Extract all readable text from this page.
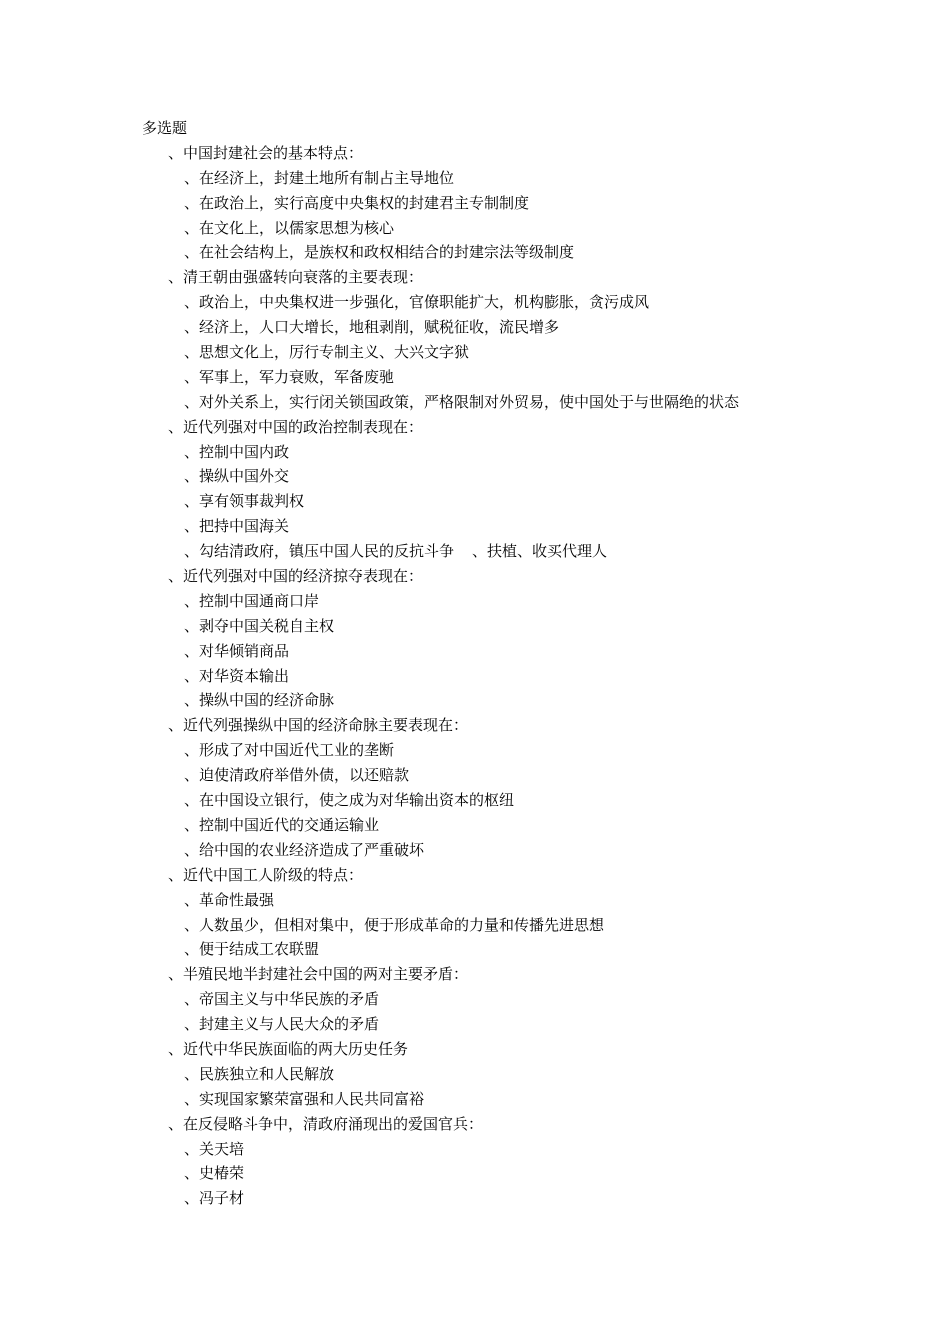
多选题
、中国封建社会的基本特点：
、在经济上，封建土地所有制占主导地位
、在政治上，实行高度中央集权的封建君主专制制度
、在文化上，以儒家思想为核心
、在社会结构上，是族权和政权相结合的封建宗法等级制度
、清王朝由强盛转向衰落的主要表现：
、政治上，中央集权进一步强化，官僚职能扩大，机构膨胀，贪污成风
、经济上，人口大增长，地租剥削，赋税征收，流民增多
、思想文化上，厉行专制主义、大兴文字狱
、军事上，军力衰败，军备废驰
、对外关系上，实行闭关锁国政策，严格限制对外贸易，使中国处于与世隔绝的状态
、近代列强对中国的政治控制表现在：
、控制中国内政
、操纵中国外交
、享有领事裁判权
、把持中国海关
、勾结清政府，镇压中国人民的反抗斗争 、扶植、收买代理人
、近代列强对中国的经济掠夺表现在：
、控制中国通商口岸
、剥夺中国关税自主权
、对华倾销商品
、对华资本输出
、操纵中国的经济命脉
、近代列强操纵中国的经济命脉主要表现在：
、形成了对中国近代工业的垄断
、迫使清政府举借外债，以还赔款
、在中国设立银行，使之成为对华输出资本的枢纽
、控制中国近代的交通运输业
、给中国的农业经济造成了严重破坏
、近代中国工人阶级的特点：
、革命性最强
、人数虽少，但相对集中，便于形成革命的力量和传播先进思想
、便于结成工农联盟
、半殖民地半封建社会中国的两对主要矛盾：
、帝国主义与中华民族的矛盾
、封建主义与人民大众的矛盾
、近代中华民族面临的两大历史任务
、民族独立和人民解放
、实现国家繁荣富强和人民共同富裕
、在反侵略斗争中，清政府涌现出的爱国官兵：
、关天培
、史椿荣
、冯子材
